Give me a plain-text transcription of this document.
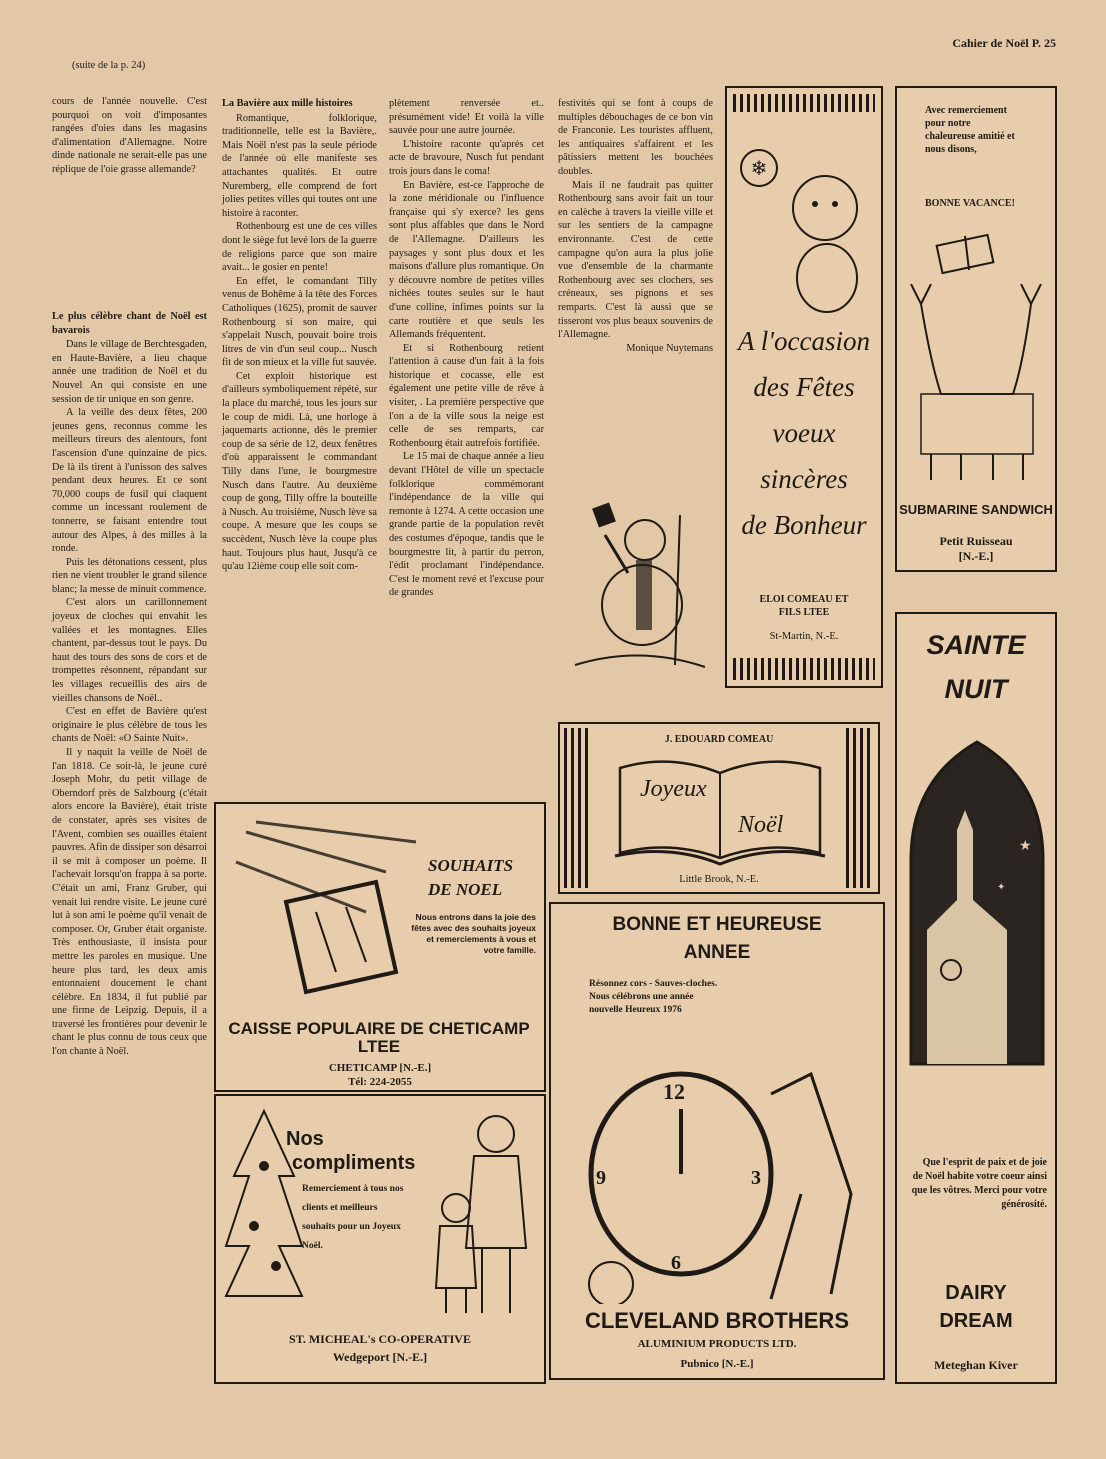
Cahier de Noël P. 25
(suite de la p. 24)

cours de l'année nouvelle. C'est pourquoi on voit d'imposantes rangées d'oies dans les magasins d'alimentation d'Allemagne. Notre dinde nationale ne serait-elle pas une réplique de l'oie grasse allemande?

Le plus célèbre chant de Noël est bavarois

Dans le village de Berchtesgaden, en Haute-Bavière, a lieu chaque année une tradition de Noël et du Nouvel An qui consiste en une session de tir unique en son genre.

A la veille des deux fêtes, 200 jeunes gens, reconnus comme les meilleurs tireurs des alentours, font l'ascension d'une quinzaine de pics. De là ils tirent à l'unisson des salves pendant deux heures. Et ce sont 70,000 coups de fusil qui claquent comme un incessant roulement de tonnerre, se faisant entendre tout autour des Alpes, à des milles à la ronde.

Puis les détonations cessent, plus rien ne vient troubler le grand silence blanc; la messe de minuit commence.

C'est alors un carillonnement joyeux de cloches qui envahit les vallées et les montagnes. Elles chantent, par-dessus tout le pays. Du haut des tours des sons de cors et de trompettes résonnent, répandant sur les villages recueillis des airs de vieilles chansons de Noël..

C'est en effet de Bavière qu'est originaire le plus célèbre de tous les chants de Noël: «O Sainte Nuit».

Il y naquit la veille de Noël de l'an 1818. Ce soir-là, le jeune curé Joseph Mohr, du petit village de Oberndorf près de Salzbourg (c'était alors encore la Bavière), était triste de constater, après ses visites de l'Avent, combien ses ouailles étaient pauvres. Afin de dissiper son désarroi il se mit à composer un poème. Il l'achevait lorsqu'on frappa à sa porte. C'était un ami, Franz Gruber, qui venait lui rendre visite. Le jeune curé lut à son ami le poème qu'il venait de composer. Or, Gruber était organiste. Très enthousiaste, il insista pour mettre les paroles en musique. Une heure plus tard, les deux amis entonnaient doucement le chant célèbre. En 1834, il fut publié par une firme de Leipzig. Depuis, il a traversé les frontières pour devenir le chant le plus connu de tous ceux que l'on chante à Noël.

La Bavière aux mille histoires

Romantique, folklorique, traditionnelle, telle est la Bavière,. Mais Noël n'est pas la seule période de l'année où elle manifeste ses attachantes qualités. Et outre Nuremberg, elle comprend de fort jolies petites villes qui toutes ont une histoire à raconter.

Rothenbourg est une de ces villes dont le siège fut levé lors de la guerre de religions parce que son maire avait... le gosier en pente!

En effet, le comandant Tilly venus de Bohême à la tête des Forces Catholiques (1625), promit de sauver Rothenbourg si son maire, qui s'appelait Nusch, pouvait boire trois litres de vin d'un seul coup... Nusch fit de son mieux et la ville fut sauvée.

Cet exploit historique est d'ailleurs symboliquement répété, sur la place du marché, tous les jours sur le coup de midi. Là, une horloge à jaquemarts actionne, dès le premier coup de sa série de 12, deux fenêtres d'où apparaissent le commandant Tilly dans l'une, le bourgmestre Nusch dans l'autre. Au deuxième coup de gong, Tilly offre la bouteille à Nusch. Au troisième, Nusch lève sa coupe. A mesure que les coups se succèdent, Nusch lève la coupe plus haut. Toujours plus haut, Jusqu'à ce qu'au 12ième coup elle soit com-

plètement renversée et.. présumément vide! Et voilà la ville sauvée pour une autre journée.

L'histoire raconte qu'après cet acte de bravoure, Nusch fut pendant trois jours dans le coma!

En Bavière, est-ce l'approche de la zone méridionale ou l'influence française qui s'y exerce? les gens sont plus affables que dans le Nord de l'Allemagne. D'ailleurs les paysages y sont plus doux et les maisons d'allure plus romantique. On y découvre nombre de petites villes nichées toutes seules sur le haut d'une colline, infimes points sur la carte routière et que seuls les Allemands fréquentent.

Et si Rothenbourg retient l'attention à cause d'un fait à la fois historique et cocasse, elle est également une petite ville de rêve à visiter, . La première perspective que l'on a de la ville sous la neige est celle de ses remparts, car Rothenbourg était autrefois fortifiée.

Le 15 mai de chaque année a lieu devant l'Hôtel de ville un spectacle folklorique commémorant l'indépendance de la ville qui remonte à 1274. A cette occasion une grande partie de la population revêt des costumes d'époque, tandis que le bourgmestre lit, à partir du perron, l'édit proclamant l'indépendance. C'est le moment revé et l'excuse pour de grandes

festivités qui se font à coups de multiples débouchages de ce bon vin de Franconie. Les touristes affluent, les antiquaires s'affairent et les pâtissiers mettent les bouchées doubles.

Mais il ne faudrait pas quitter Rothenbourg sans avoir fait un tour en calèche à travers la vieille ville et sur les sentiers de la campagne environnante. C'est de cette campagne qu'on aura la plus jolie vue d'ensemble de la charmante Rothenbourg avec ses clochers, ses créneaux, ses pignons et ses remparts. C'est là aussi que se tisseront vos plus beaux souvenirs de l'Allemagne.

Monique Nuytemans

❄
A l'occasion
des Fêtes
voeux
sincères
de Bonheur
ELOI COMEAU ET FILS LTEE
St-Martin, N.-E.
Avec remerciement pour notre chaleureuse amitié et nous disons,
BONNE VACANCE!
SUBMARINE SANDWICH
Petit Ruisseau
[N.-E.]
SAINTE
NUIT
★
✦
Que l'esprit de paix et de joie de Noël habite votre coeur ainsi que les vôtres. Merci pour votre générosité.
DAIRY
DREAM
Meteghan Kiver
J. EDOUARD COMEAU
Joyeux
Noël
Little Brook, N.-E.
SOUHAITS
DE NOEL
Nous entrons dans la joie des fêtes avec des souhaits joyeux et remerciements à vous et votre famille.
CAISSE POPULAIRE DE CHETICAMP LTEE
CHETICAMP [N.-E.]
Tél: 224-2055
BONNE ET HEUREUSE
ANNEE
Résonnez cors - Sauves-cloches. Nous célébrons une année nouvelle Heureux 1976
12
3
6
9
CLEVELAND BROTHERS
ALUMINIUM PRODUCTS LTD.
Pubnico [N.-E.]
Nos
compliments
Remerciement à tous nos clients et meilleurs souhaits pour un Joyeux Noël.
ST. MICHEAL's CO-OPERATIVE
Wedgeport [N.-E.]
